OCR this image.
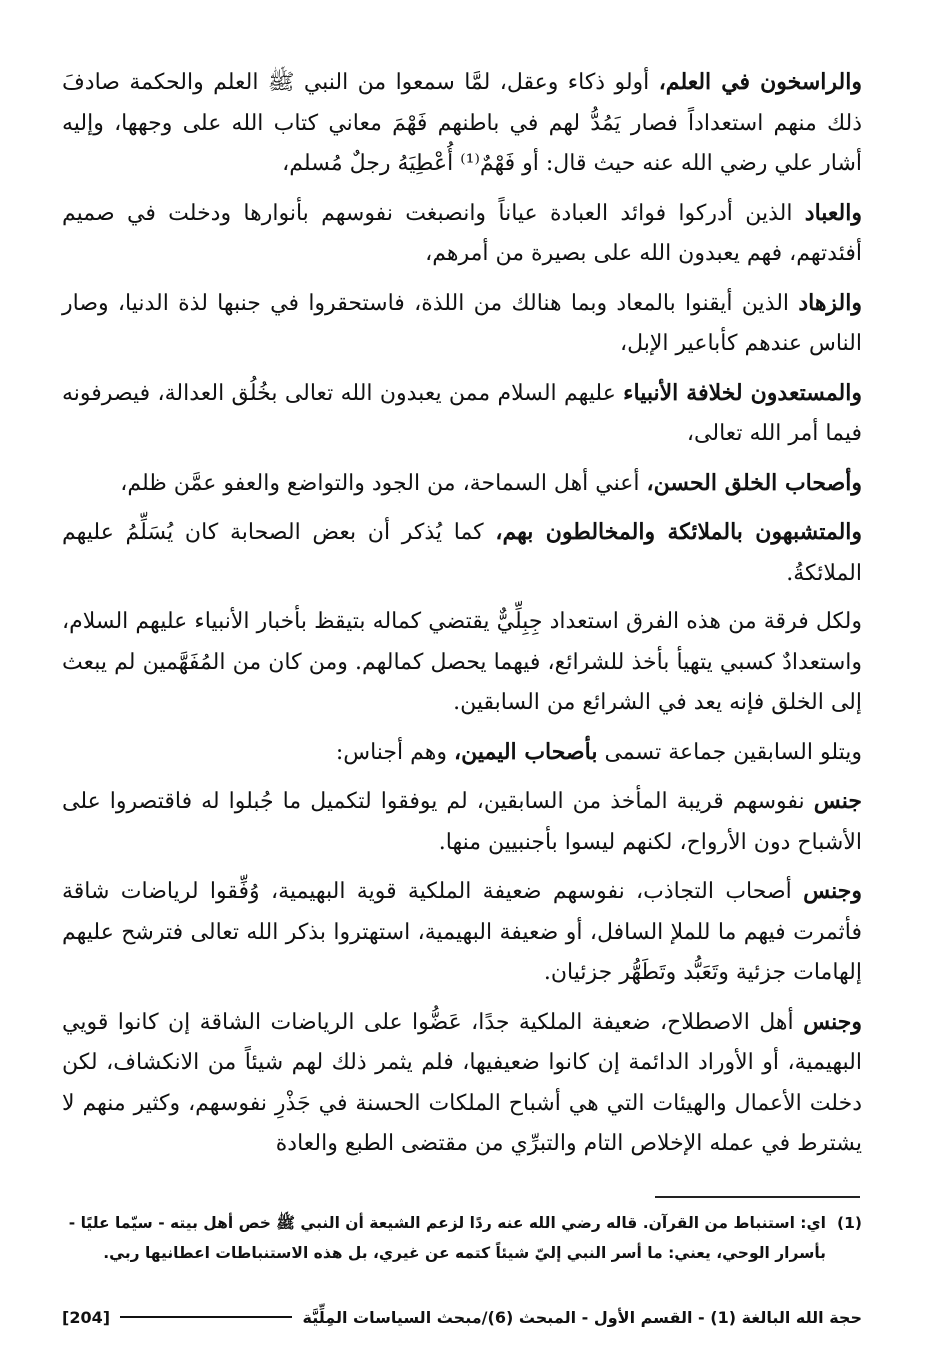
والراسخون في العلم، أولو ذكاء وعقل، لمَّا سمعوا من النبي ﷺ العلم والحكمة صادفَ ذلك منهم استعداداً فصار يَمُدُّ لهم في باطنهم فَهْمَ معاني كتاب الله على وجهها، وإليه أشار علي رضي الله عنه حيث قال: أو فَهْمٌ⁽¹⁾ أُعْطِيَهُ رجلٌ مُسلم،

والعباد الذين أدركوا فوائد العبادة عياناً وانصبغت نفوسهم بأنوارها ودخلت في صميم أفئدتهم، فهم يعبدون الله على بصيرة من أمرهم،

والزهاد الذين أيقنوا بالمعاد وبما هنالك من اللذة، فاستحقروا في جنبها لذة الدنيا، وصار الناس عندهم كأباعير الإبل،

والمستعدون لخلافة الأنبياء عليهم السلام ممن يعبدون الله تعالى بخُلُق العدالة، فيصرفونه فيما أمر الله تعالى،

وأصحاب الخلق الحسن، أعني أهل السماحة، من الجود والتواضع والعفو عمَّن ظلم،

والمتشبهون بالملائكة والمخالطون بهم، كما يُذكر أن بعض الصحابة كان يُسَلِّمُ عليهم الملائكةُ.

ولكل فرقة من هذه الفرق استعداد جِبِلِّيٌّ يقتضي كماله بتيقظ بأخبار الأنبياء عليهم السلام، واستعدادٌ كسبي يتهيأ بأخذ للشرائع، فيهما يحصل كمالهم. ومن كان من المُفَهَّمين لم يبعث إلى الخلق فإنه يعد في الشرائع من السابقين.

ويتلو السابقين جماعة تسمى بأصحاب اليمين، وهم أجناس:

جنس نفوسهم قريبة المأخذ من السابقين، لم يوفقوا لتكميل ما جُبلوا له فاقتصروا على الأشباح دون الأرواح، لكنهم ليسوا بأجنبيين منها.

وجنس أصحاب التجاذب، نفوسهم ضعيفة الملكية قوية البهيمية، وُفِّقوا لرياضات شاقة فأثمرت فيهم ما للملإ السافل، أو ضعيفة البهيمية، استهتروا بذكر الله تعالى فترشح عليهم إلهامات جزئية وتَعَبُّد وتَطَهُّر جزئيان.

وجنس أهل الاصطلاح، ضعيفة الملكية جدًا، عَضُّوا على الرياضات الشاقة إن كانوا قويي البهيمية، أو الأوراد الدائمة إن كانوا ضعيفيها، فلم يثمر ذلك لهم شيئاً من الانكشاف، لكن دخلت الأعمال والهيئات التي هي أشباح الملكات الحسنة في جَذْرِ نفوسهم، وكثير منهم لا يشترط في عمله الإخلاص التام والتبرِّي من مقتضى الطبع والعادة

(1)
اي: استنباط من القرآن. قاله رضي الله عنه ردًا لزعم الشيعة أن النبي ﷺ خص أهل بيته - سيّما عليًا - بأسرار الوحي، يعني: ما أسر النبي إليّ شيئاً كتمه عن غيري، بل هذه الاستنباطات اعطانيها ربي.
حجة الله البالغة (1) - القسم الأول - المبحث (6)/مبحث السياسات المِلِّيَّة
[204]
